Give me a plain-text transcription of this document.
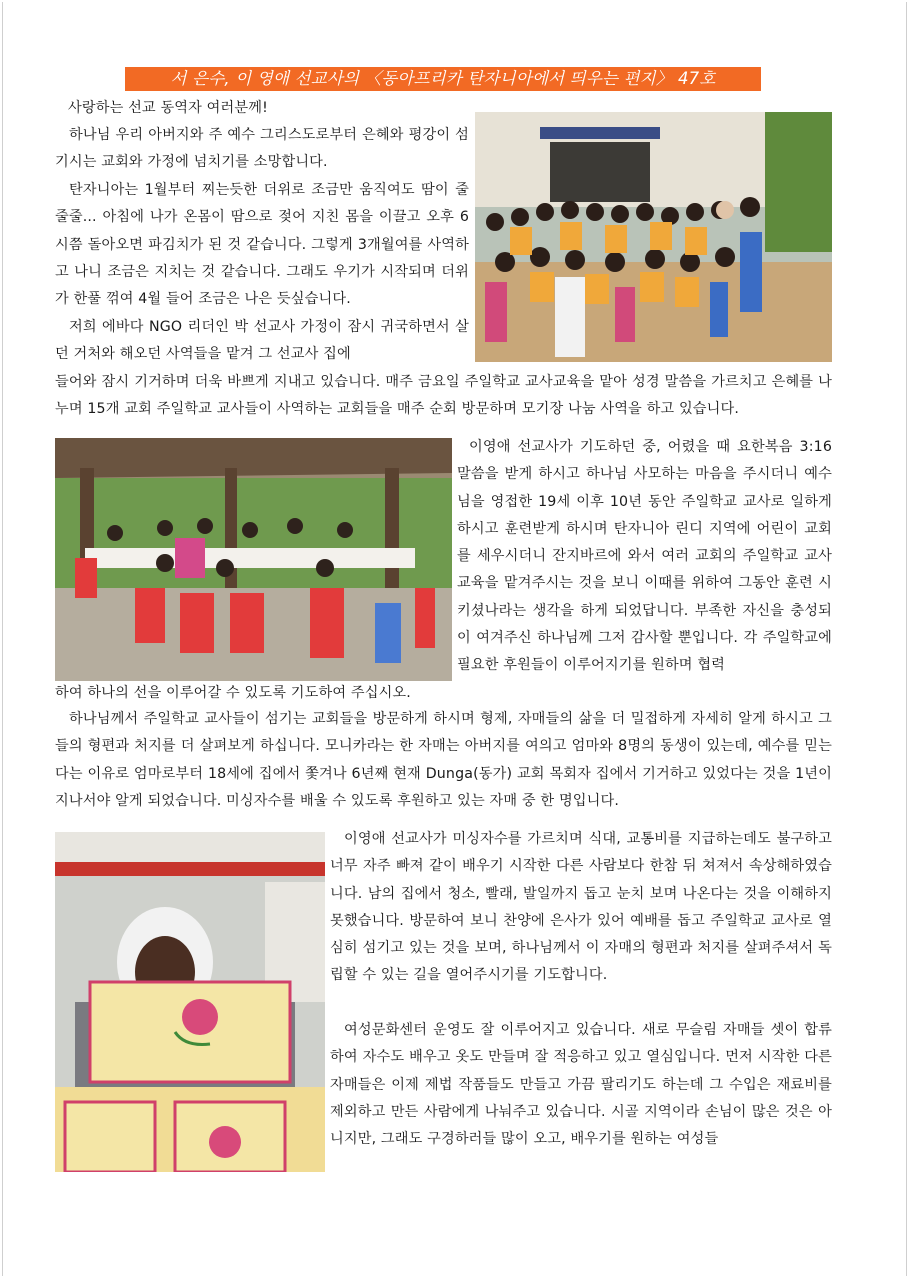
서 은수, 이 영애 선교사의 〈동아프리카 탄자니아에서 띄우는 편지〉 47호

사랑하는 선교 동역자 여러분께!

하나님 우리 아버지와 주 예수 그리스도로부터 은혜와 평강이 섬기시는 교회와 가정에 넘치기를 소망합니다.

탄자니아는 1월부터 찌는듯한 더위로 조금만 움직여도 땀이 줄줄줄... 아침에 나가 온몸이 땀으로 젖어 지친 몸을 이끌고 오후 6시쯤 돌아오면 파김치가 된 것 같습니다. 그렇게 3개월여를 사역하고 나니 조금은 지치는 것 같습니다. 그래도 우기가 시작되며 더위가 한풀 꺾여 4월 들어 조금은 나은 듯싶습니다.

저희 에바다 NGO 리더인 박 선교사 가정이 잠시 귀국하면서 살던 거처와 해오던 사역들을 맡겨 그 선교사 집에

들어와 잠시 기거하며 더욱 바쁘게 지내고 있습니다. 매주 금요일 주일학교 교사교육을 맡아 성경 말씀을 가르치고 은혜를 나누며 15개 교회 주일학교 교사들이 사역하는 교회들을 매주 순회 방문하며 모기장 나눔 사역을 하고 있습니다.

이영애 선교사가 기도하던 중, 어렸을 때 요한복음 3:16 말씀을 받게 하시고 하나님 사모하는 마음을 주시더니 예수님을 영접한 19세 이후 10년 동안 주일학교 교사로 일하게 하시고 훈련받게 하시며 탄자니아 린디 지역에 어린이 교회를 세우시더니 잔지바르에 와서 여러 교회의 주일학교 교사교육을 맡겨주시는 것을 보니 이때를 위하여 그동안 훈련 시키셨나라는 생각을 하게 되었답니다. 부족한 자신을 충성되이 여겨주신 하나님께 그저 감사할 뿐입니다. 각 주일학교에 필요한 후원들이 이루어지기를 원하며 협력

하여 하나의 선을 이루어갈 수 있도록 기도하여 주십시오.

하나님께서 주일학교 교사들이 섬기는 교회들을 방문하게 하시며 형제, 자매들의 삶을 더 밀접하게 자세히 알게 하시고 그들의 형편과 처지를 더 살펴보게 하십니다. 모니카라는 한 자매는 아버지를 여의고 엄마와 8명의 동생이 있는데, 예수를 믿는다는 이유로 엄마로부터 18세에 집에서 쫓겨나 6년째 현재 Dunga(동가) 교회 목회자 집에서 기거하고 있었다는 것을 1년이 지나서야 알게 되었습니다. 미싱자수를 배울 수 있도록 후원하고 있는 자매 중 한 명입니다.

이영애 선교사가 미싱자수를 가르치며 식대, 교통비를 지급하는데도 불구하고 너무 자주 빠져 같이 배우기 시작한 다른 사람보다 한참 뒤 쳐져서 속상해하였습니다. 남의 집에서 청소, 빨래, 발일까지 돕고 눈치 보며 나온다는 것을 이해하지 못했습니다. 방문하여 보니 찬양에 은사가 있어 예배를 돕고 주일학교 교사로 열심히 섬기고 있는 것을 보며, 하나님께서 이 자매의 형편과 처지를 살펴주셔서 독립할 수 있는 길을 열어주시기를 기도합니다.

여성문화센터 운영도 잘 이루어지고 있습니다. 새로 무슬림 자매들 셋이 합류하여 자수도 배우고 옷도 만들며 잘 적응하고 있고 열심입니다. 먼저 시작한 다른 자매들은 이제 제법 작품들도 만들고 가끔 팔리기도 하는데 그 수입은 재료비를 제외하고 만든 사람에게 나눠주고 있습니다. 시골 지역이라 손님이 많은 것은 아니지만, 그래도 구경하러들 많이 오고, 배우기를 원하는 여성들
